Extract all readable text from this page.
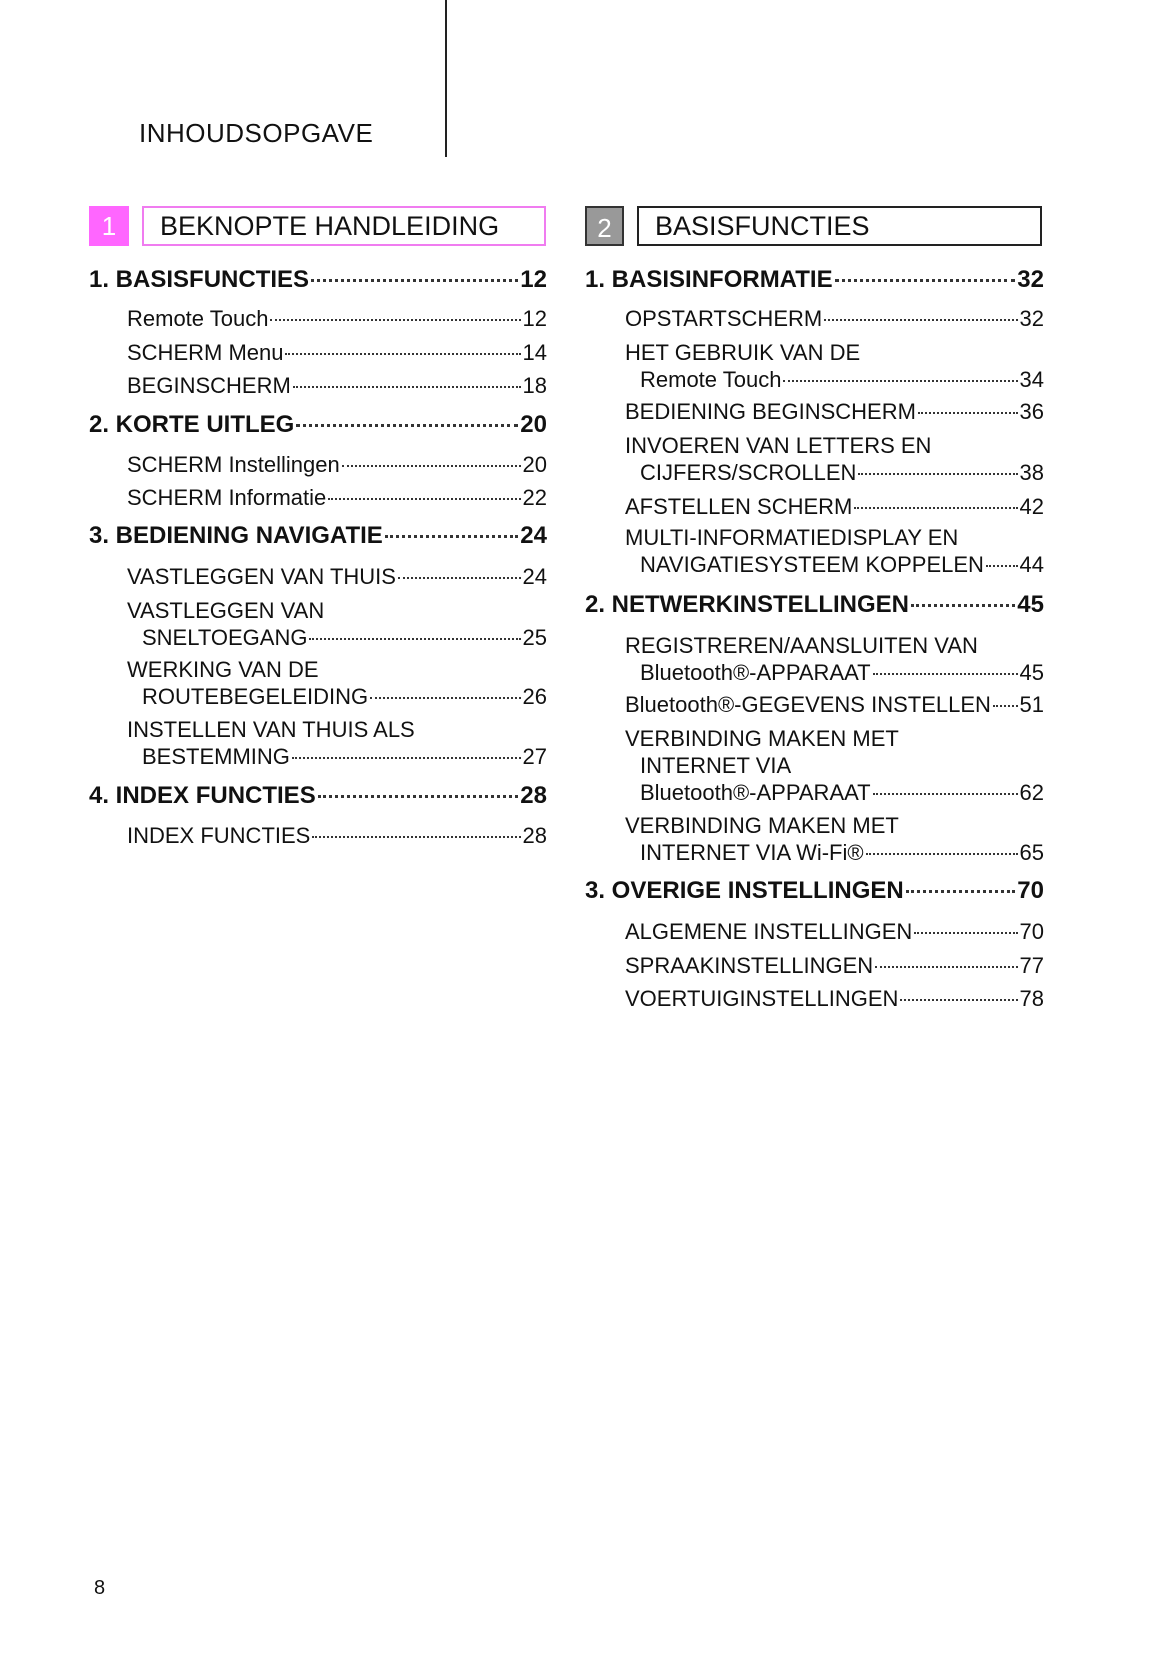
INHOUDSOPGAVE
1	BEKNOPTE HANDLEIDING	2	BASISFUNCTIES
1. BASISFUNCTIES	12
Remote Touch	12
SCHERM Menu	14
BEGINSCHERM	18
2. KORTE UITLEG	20
SCHERM Instellingen	20
SCHERM Informatie	22
3. BEDIENING NAVIGATIE	24
VASTLEGGEN VAN THUIS	24
VASTLEGGEN VAN
SNELTOEGANG	25
WERKING VAN DE
ROUTEBEGELEIDING	26
INSTELLEN VAN THUIS ALS
BESTEMMING	27
4. INDEX FUNCTIES	28
INDEX FUNCTIES	28
1. BASISINFORMATIE	32
OPSTARTSCHERM	32
HET GEBRUIK VAN DE
Remote Touch	34
BEDIENING BEGINSCHERM	36
INVOEREN VAN LETTERS EN
CIJFERS/SCROLLEN	38
AFSTELLEN SCHERM	42
MULTI-INFORMATIEDISPLAY EN
NAVIGATIESYSTEEM KOPPELEN 44
2. NETWERKINSTELLINGEN	45
REGISTREREN/AANSLUITEN VAN
Bluetooth®-APPARAAT	45
Bluetooth®-GEGEVENS INSTELLEN 51
VERBINDING MAKEN MET
INTERNET VIA
Bluetooth®-APPARAAT	62
VERBINDING MAKEN MET
INTERNET VIA Wi-Fi®	65
3. OVERIGE INSTELLINGEN	70
ALGEMENE INSTELLINGEN	70
SPRAAKINSTELLINGEN	77
VOERTUIGINSTELLINGEN	78
8
